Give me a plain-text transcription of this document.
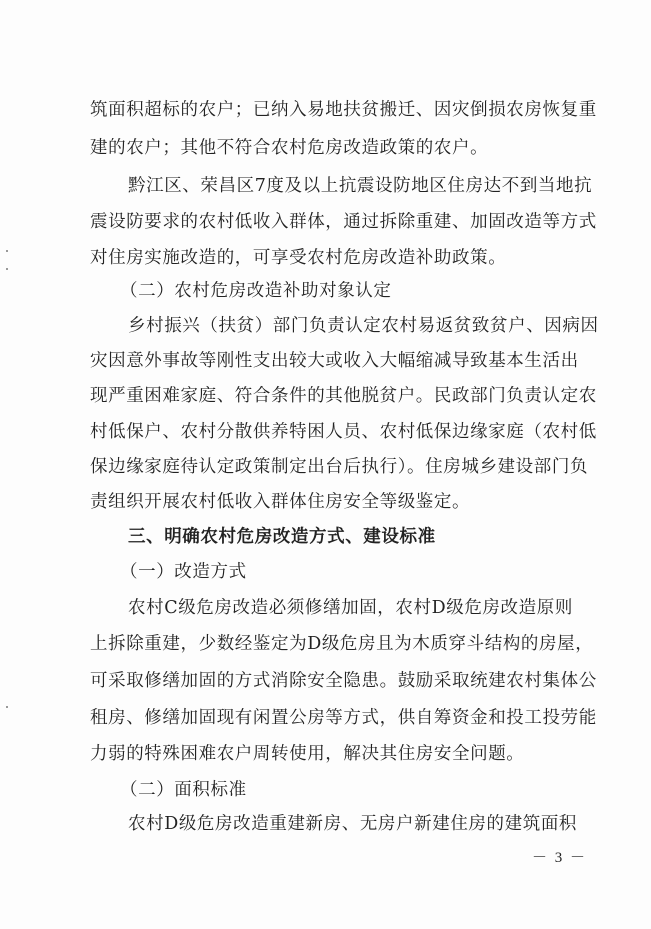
筑面积超标的农户；已纳入易地扶贫搬迁、因灾倒损农房恢复重
建的农户；其他不符合农村危房改造政策的农户。
黔江区、荣昌区7度及以上抗震设防地区住房达不到当地抗
震设防要求的农村低收入群体，通过拆除重建、加固改造等方式
对住房实施改造的，可享受农村危房改造补助政策。
（二）农村危房改造补助对象认定
乡村振兴（扶贫）部门负责认定农村易返贫致贫户、因病因
灾因意外事故等刚性支出较大或收入大幅缩减导致基本生活出
现严重困难家庭、符合条件的其他脱贫户。民政部门负责认定农
村低保户、农村分散供养特困人员、农村低保边缘家庭（农村低
保边缘家庭待认定政策制定出台后执行）。住房城乡建设部门负
责组织开展农村低收入群体住房安全等级鉴定。
三、明确农村危房改造方式、建设标准
（一）改造方式
农村C级危房改造必须修缮加固，农村D级危房改造原则
上拆除重建，少数经鉴定为D级危房且为木质穿斗结构的房屋，
可采取修缮加固的方式消除安全隐患。鼓励采取统建农村集体公
租房、修缮加固现有闲置公房等方式，供自筹资金和投工投劳能
力弱的特殊困难农户周转使用，解决其住房安全问题。
（二）面积标准
农村D级危房改造重建新房、无房户新建住房的建筑面积
－ 3 －
